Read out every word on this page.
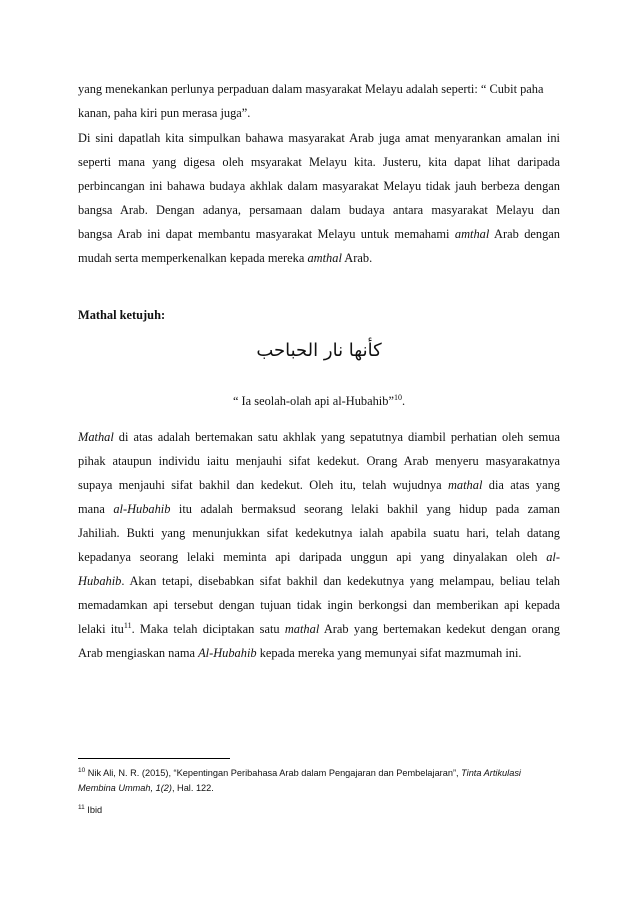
yang menekankan perlunya perpaduan dalam masyarakat Melayu adalah seperti: “ Cubit paha
kanan, paha kiri pun merasa juga”.
Di sini dapatlah kita simpulkan bahawa masyarakat Arab juga amat menyarankan amalan ini
seperti mana yang digesa oleh msyarakat Melayu kita. Justeru, kita dapat lihat daripada
perbincangan ini bahawa budaya akhlak dalam masyarakat Melayu tidak jauh berbeza dengan
bangsa Arab. Dengan adanya, persamaan dalam budaya antara masyarakat Melayu dan
bangsa Arab ini dapat membantu masyarakat Melayu untuk memahami amthal Arab dengan
mudah serta memperkenalkan kepada mereka amthal Arab.

Mathal ketujuh:

كأنها نار الحباحب
“ Ia seolah-olah api al-Hubahib”$^{10}$.
Mathal di atas adalah bertemakan satu akhlak yang sepatutnya diambil perhatian oleh semua
pihak ataupun individu iaitu menjauhi sifat kedekut. Orang Arab menyeru masyarakatnya
supaya menjauhi sifat bakhil dan kedekut. Oleh itu, telah wujudnya mathal dia atas yang
mana al-Hubahib itu adalah bermaksud seorang lelaki bakhil yang hidup pada zaman
Jahiliah. Bukti yang menunjukkan sifat kedekutnya ialah apabila suatu hari, telah datang
kepadanya seorang lelaki meminta api daripada unggun api yang dinyalakan oleh al-
Hubahib. Akan tetapi, disebabkan sifat bakhil dan kedekutnya yang melampau, beliau telah
memadamkan api tersebut dengan tujuan tidak ingin berkongsi dan memberikan api kepada
lelaki itu$^{11}$. Maka telah diciptakan satu mathal Arab yang bertemakan kedekut dengan orang
Arab mengiaskan nama Al-Hubahib kepada mereka yang memunyai sifat mazmumah ini.
$^{10}$ Nik Ali, N. R. (2015), “Kepentingan Peribahasa Arab dalam Pengajaran dan Pembelajaran”, Tinta Artikulasi
Membina Ummah, 1(2), Hal. 122.
$^{11}$ Ibid
